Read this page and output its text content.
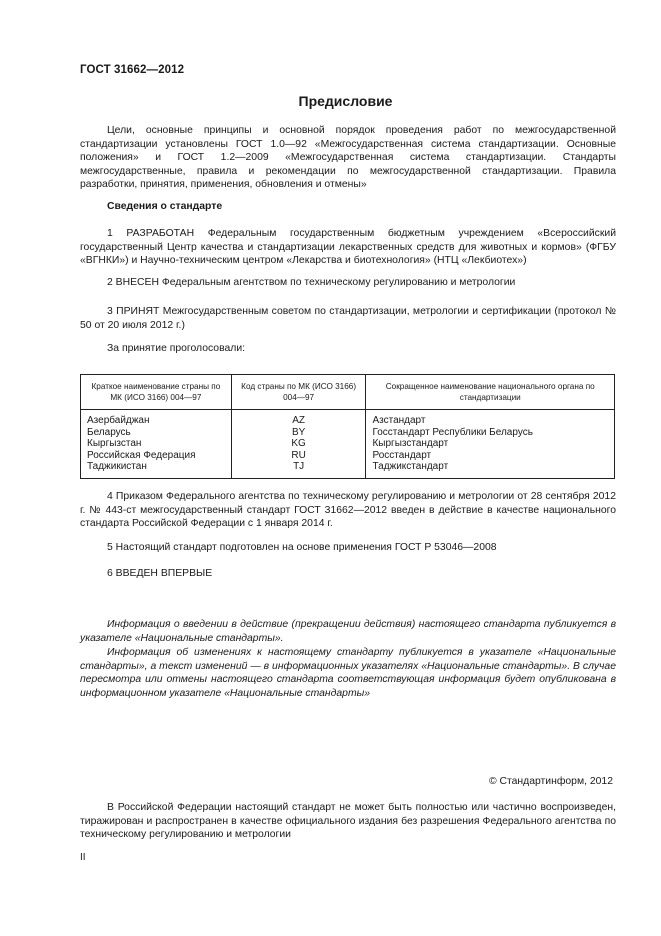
ГОСТ 31662—2012
Предисловие
Цели, основные принципы и основной порядок проведения работ по межгосударственной стандартизации установлены ГОСТ 1.0—92 «Межгосударственная система стандартизации. Основные положения» и ГОСТ 1.2—2009 «Межгосударственная система стандартизации. Стандарты межгосударственные, правила и рекомендации по межгосударственной стандартизации. Правила разработки, принятия, применения, обновления и отмены»
Сведения о стандарте
1 РАЗРАБОТАН Федеральным государственным бюджетным учреждением «Всероссийский государственный Центр качества и стандартизации лекарственных средств для животных и кормов» (ФГБУ «ВГНКИ») и Научно-техническим центром «Лекарства и биотехнология» (НТЦ «Лекбиотех»)
2 ВНЕСЕН Федеральным агентством по техническому регулированию и метрологии
3 ПРИНЯТ Межгосударственным советом по стандартизации, метрологии и сертификации (протокол № 50 от 20 июля 2012 г.)
За принятие проголосовали:
Краткое наименование страны по МК (ИСО 3166) 004—97	Код страны по МК (ИСО 3166) 004—97	Сокращенное наименование национального органа по стандартизации
Азербайджан	AZ	Азстандарт
Беларусь	BY	Госстандарт Республики Беларусь
Кыргызстан	KG	Кыргызстандарт
Российская Федерация	RU	Росстандарт
Таджикистан	TJ	Таджикстандарт
4 Приказом Федерального агентства по техническому регулированию и метрологии от 28 сентября 2012 г. № 443-ст межгосударственный стандарт ГОСТ 31662—2012 введен в действие в качестве национального стандарта Российской Федерации с 1 января 2014 г.
5 Настоящий стандарт подготовлен на основе применения ГОСТ Р 53046—2008
6 ВВЕДЕН ВПЕРВЫЕ
Информация о введении в действие (прекращении действия) настоящего стандарта публикуется в указателе «Национальные стандарты».
Информация об изменениях к настоящему стандарту публикуется в указателе «Национальные стандарты», а текст изменений — в информационных указателях «Национальные стандарты». В случае пересмотра или отмены настоящего стандарта соответствующая информация будет опубликована в информационном указателе «Национальные стандарты»
© Стандартинформ, 2012
В Российской Федерации настоящий стандарт не может быть полностью или частично воспроизведен, тиражирован и распространен в качестве официального издания без разрешения Федерального агентства по техническому регулированию и метрологии
II
